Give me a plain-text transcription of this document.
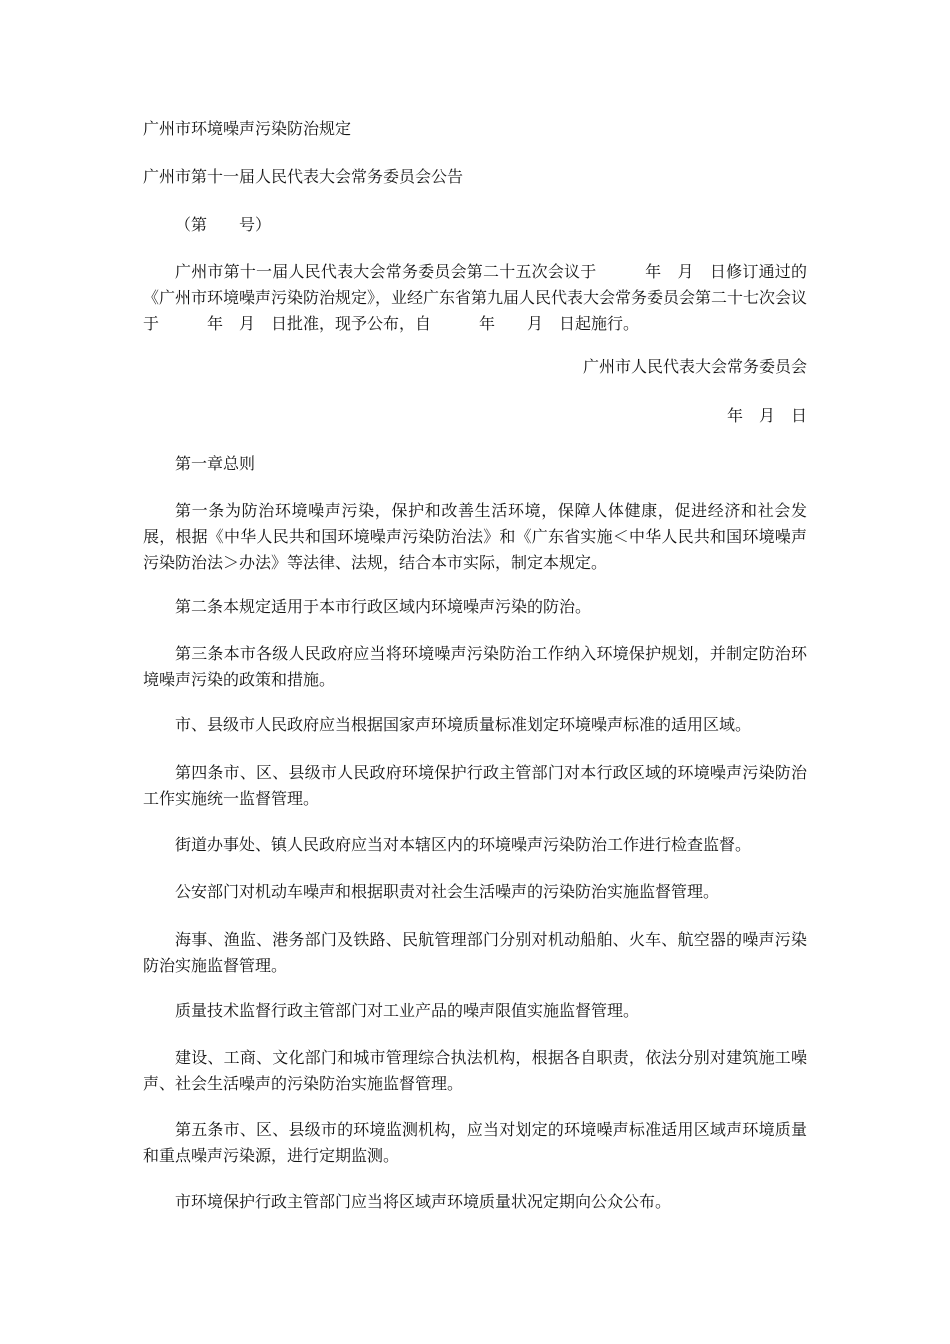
广州市环境噪声污染防治规定

广州市第十一届人民代表大会常务委员会公告

（第　　号）

广州市第十一届人民代表大会常务委员会第二十五次会议于　　　年　月　日修订通过的《广州市环境噪声污染防治规定》，业经广东省第九届人民代表大会常务委员会第二十七次会议于　　　年　月　日批准，现予公布，自　　　年　　月　日起施行。

广州市人民代表大会常务委员会

年　月　日

第一章总则

第一条为防治环境噪声污染，保护和改善生活环境，保障人体健康，促进经济和社会发展，根据《中华人民共和国环境噪声污染防治法》和《广东省实施＜中华人民共和国环境噪声污染防治法＞办法》等法律、法规，结合本市实际，制定本规定。

第二条本规定适用于本市行政区域内环境噪声污染的防治。

第三条本市各级人民政府应当将环境噪声污染防治工作纳入环境保护规划，并制定防治环境噪声污染的政策和措施。

市、县级市人民政府应当根据国家声环境质量标准划定环境噪声标准的适用区域。

第四条市、区、县级市人民政府环境保护行政主管部门对本行政区域的环境噪声污染防治工作实施统一监督管理。

街道办事处、镇人民政府应当对本辖区内的环境噪声污染防治工作进行检查监督。

公安部门对机动车噪声和根据职责对社会生活噪声的污染防治实施监督管理。

海事、渔监、港务部门及铁路、民航管理部门分别对机动船舶、火车、航空器的噪声污染防治实施监督管理。

质量技术监督行政主管部门对工业产品的噪声限值实施监督管理。

建设、工商、文化部门和城市管理综合执法机构，根据各自职责，依法分别对建筑施工噪声、社会生活噪声的污染防治实施监督管理。

第五条市、区、县级市的环境监测机构，应当对划定的环境噪声标准适用区域声环境质量和重点噪声污染源，进行定期监测。

市环境保护行政主管部门应当将区域声环境质量状况定期向公众公布。
